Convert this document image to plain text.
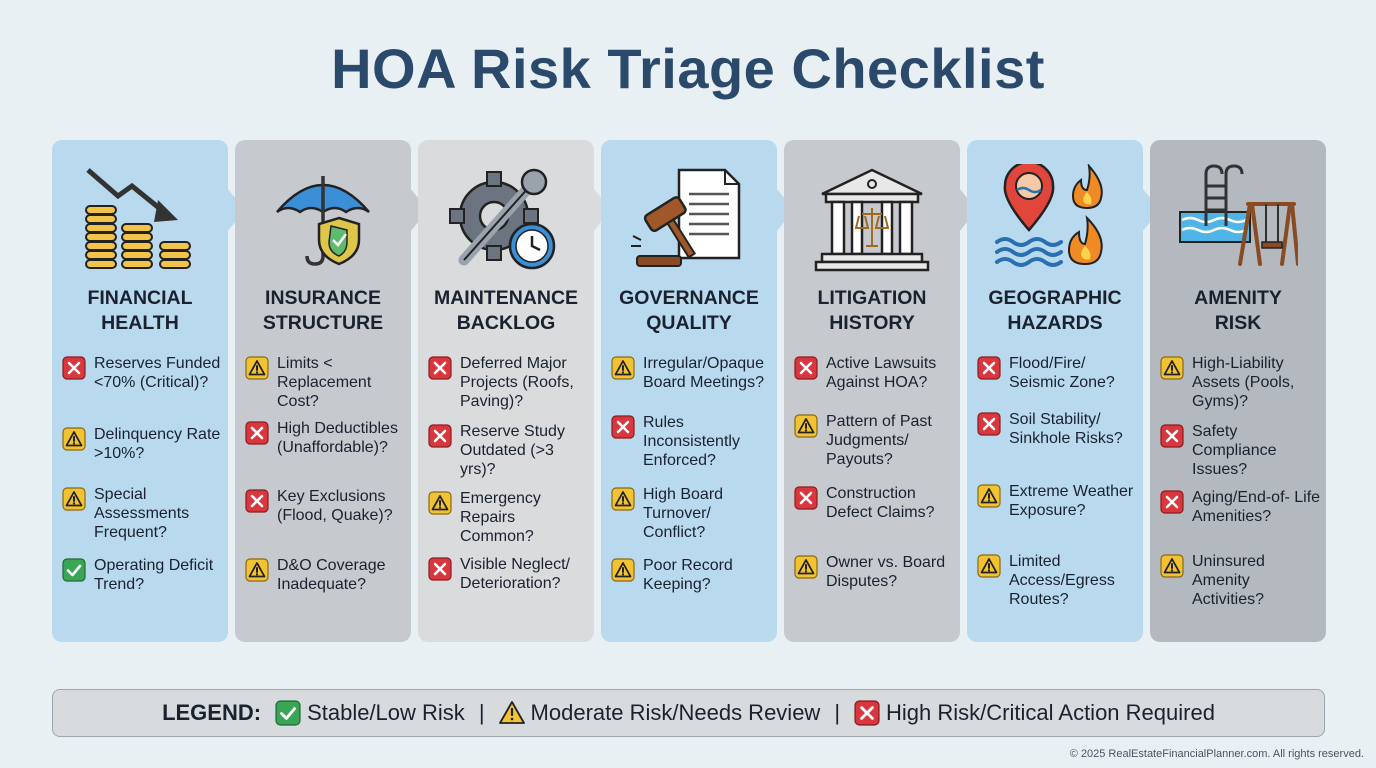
HOA Risk Triage Checklist
FINANCIAL
HEALTH
Reserves Funded <70% (Critical)?
Delinquency Rate >10%?
Special Assessments Frequent?
Operating Deficit Trend?
INSURANCE
STRUCTURE
Limits < Replacement Cost?
High Deductibles (Unaffordable)?
Key Exclusions (Flood, Quake)?
D&O Coverage Inadequate?
MAINTENANCE
BACKLOG
Deferred Major Projects (Roofs, Paving)?
Reserve Study Outdated (>3 yrs)?
Emergency Repairs Common?
Visible Neglect/ Deterioration?
GOVERNANCE
QUALITY
Irregular/Opaque Board Meetings?
Rules Inconsistently Enforced?
High Board Turnover/ Conflict?
Poor Record Keeping?
LITIGATION
HISTORY
Active Lawsuits Against HOA?
Pattern of Past Judgments/ Payouts?
Construction Defect Claims?
Owner vs. Board Disputes?
GEOGRAPHIC
HAZARDS
Flood/Fire/ Seismic Zone?
Soil Stability/ Sinkhole Risks?
Extreme Weather Exposure?
Limited Access/Egress Routes?
AMENITY
RISK
High-Liability Assets (Pools, Gyms)?
Safety Compliance Issues?
Aging/End-of- Life Amenities?
Uninsured Amenity Activities?
LEGEND: Stable/Low Risk | Moderate Risk/Needs Review | High Risk/Critical Action Required
© 2025 RealEstateFinancialPlanner.com. All rights reserved.
